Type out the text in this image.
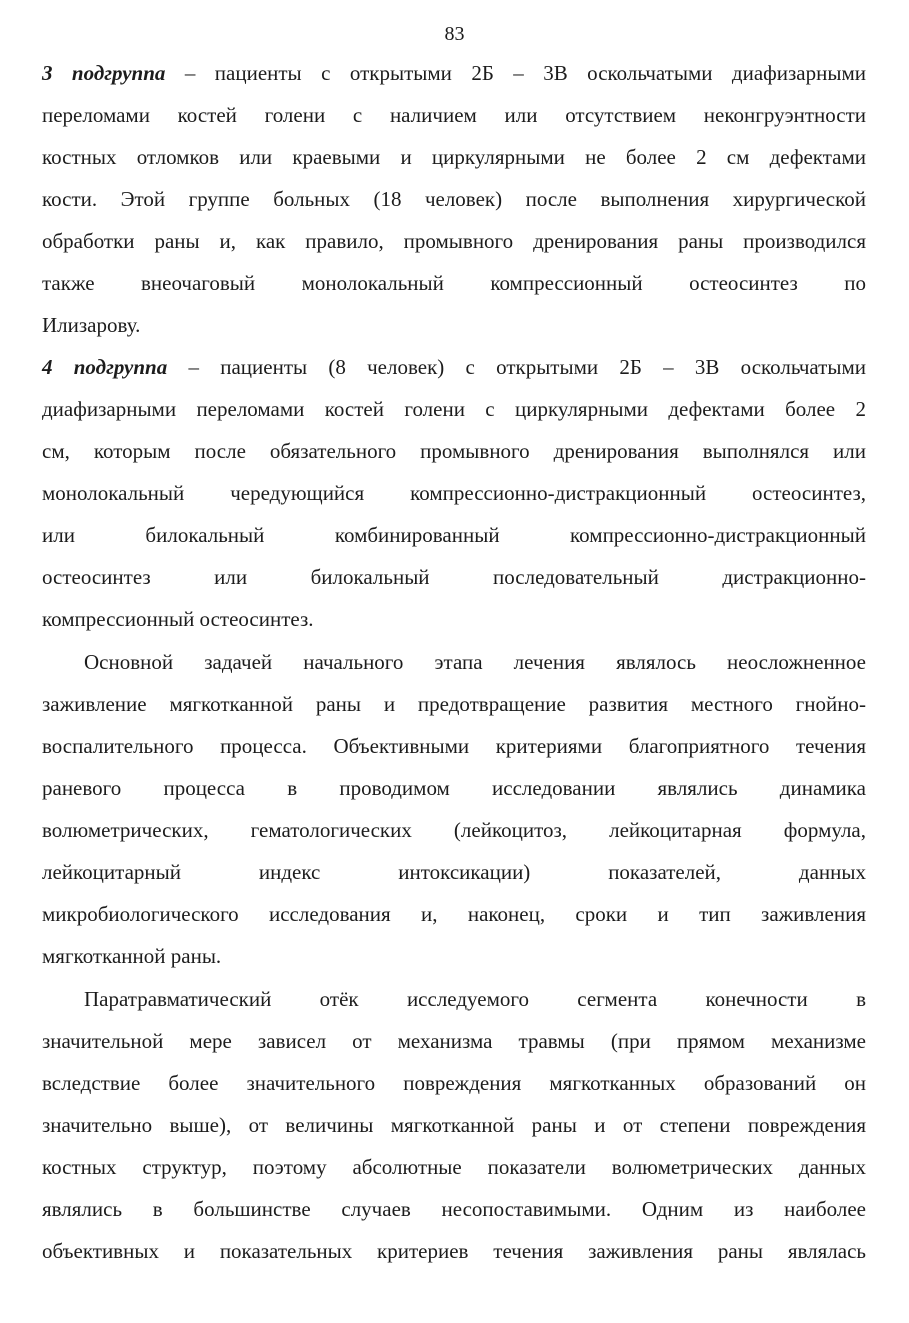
83
3 подгруппа – пациенты с открытыми 2Б – 3В оскольчатыми диафизарными
переломами костей голени с наличием или отсутствием неконгруэнтности
костных отломков или краевыми и циркулярными не более 2 см дефектами
кости. Этой группе больных (18 человек) после выполнения хирургической
обработки раны и, как правило, промывного дренирования раны производился
также внеочаговый монолокальный компрессионный остеосинтез по
Илизарову.
4 подгруппа – пациенты (8 человек) с открытыми 2Б – 3В оскольчатыми
диафизарными переломами костей голени с циркулярными дефектами более 2
см, которым после обязательного промывного дренирования выполнялся или
монолокальный чередующийся компрессионно-дистракционный остеосинтез,
или билокальный комбинированный компрессионно-дистракционный
остеосинтез или билокальный последовательный дистракционно-
компрессионный остеосинтез.
Основной задачей начального этапа лечения являлось неосложненное
заживление мягкотканной раны и предотвращение развития местного гнойно-
воспалительного процесса. Объективными критериями благоприятного течения
раневого процесса в проводимом исследовании являлись динамика
волюметрических, гематологических (лейкоцитоз, лейкоцитарная формула,
лейкоцитарный индекс интоксикации) показателей, данных
микробиологического исследования и, наконец, сроки и тип заживления
мягкотканной раны.
Паратравматический отёк исследуемого сегмента конечности в
значительной мере зависел от механизма травмы (при прямом механизме
вследствие более значительного повреждения мягкотканных образований он
значительно выше), от величины мягкотканной раны и от степени повреждения
костных структур, поэтому абсолютные показатели волюметрических данных
являлись в большинстве случаев несопоставимыми. Одним из наиболее
объективных и показательных критериев течения заживления раны являлась
